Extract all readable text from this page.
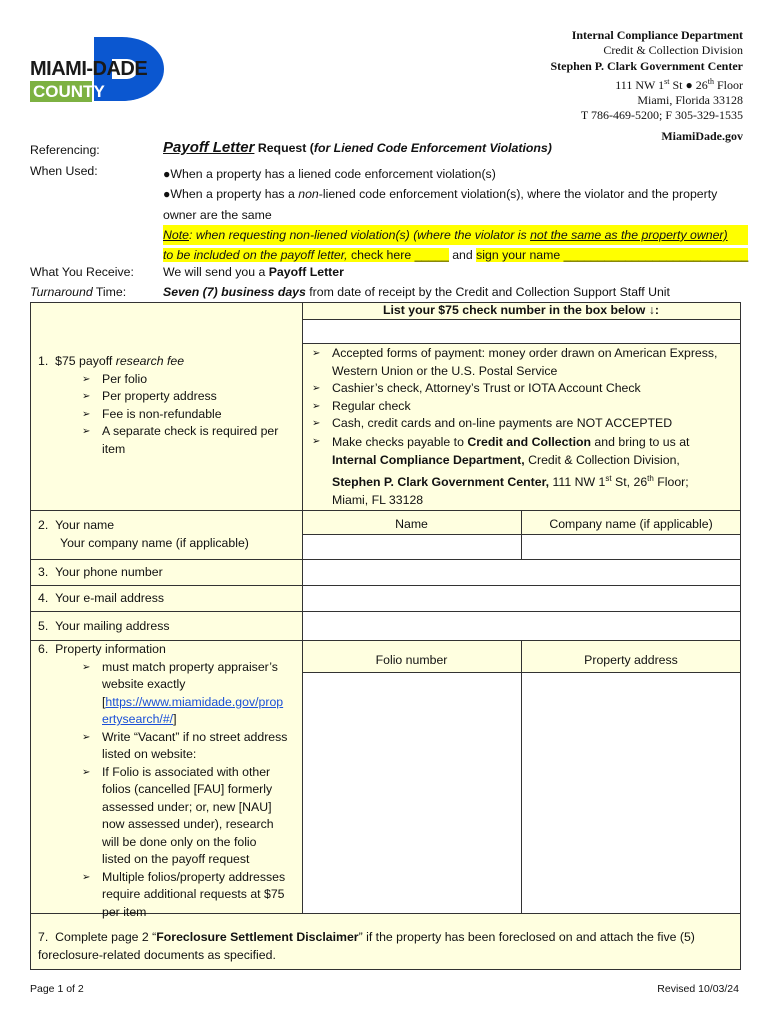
MIAMI-DADE
COUNTY
Internal Compliance Department
Credit & Collection Division
Stephen P. Clark Government Center
111 NW 1st St ● 26th Floor
Miami, Florida 33128
T 786-469-5200; F 305-329-1535
MiamiDade.gov
Referencing:	Payoff Letter Request (for Liened Code Enforcement Violations)
When Used:	●When a property has a liened code enforcement violation(s)
●When a property has a non-liened code enforcement violation(s), where the violator and the property
owner are the same
Note: when requesting non-liened violation(s) (where the violator is not the same as the property owner)
to be included on the payoff letter, check here _____ and sign your name ___________________________
What You Receive: We will send you a Payoff Letter
Turnaround Time:	Seven (7) business days from date of receipt by the Credit and Collection Support Staff Unit
1. $75 payoff research fee
➢ Per folio
➢ Per property address
➢ Fee is non-refundable
➢ A separate check is required per item
List your $75 check number in the box below ↓:
➢ Accepted forms of payment: money order drawn on American Express, Western Union or the U.S. Postal Service
➢ Cashier’s check, Attorney’s Trust or IOTA Account Check
➢ Regular check
➢ Cash, credit cards and on-line payments are NOT ACCEPTED
➢ Make checks payable to Credit and Collection and bring to us at Internal Compliance Department, Credit & Collection Division, Stephen P. Clark Government Center, 111 NW 1st St, 26th Floor; Miami, FL 33128
2. Your name
Your company name (if applicable)
Name	Company name (if applicable)
3. Your phone number
4. Your e-mail address
5. Your mailing address
6. Property information
➢ must match property appraiser’s website exactly
[https://www.miamidade.gov/propertysearch/#/]
➢ Write “Vacant” if no street address listed on website:
➢ If Folio is associated with other folios (cancelled [FAU] formerly assessed under; or, new [NAU] now assessed under), research will be done only on the folio listed on the payoff request
➢ Multiple folios/property addresses require additional requests at $75 per item
Folio number	Property address
7. Complete page 2 “Foreclosure Settlement Disclaimer” if the property has been foreclosed on and attach the five (5) foreclosure-related documents as specified.
Page 1 of 2	Revised 10/03/24
